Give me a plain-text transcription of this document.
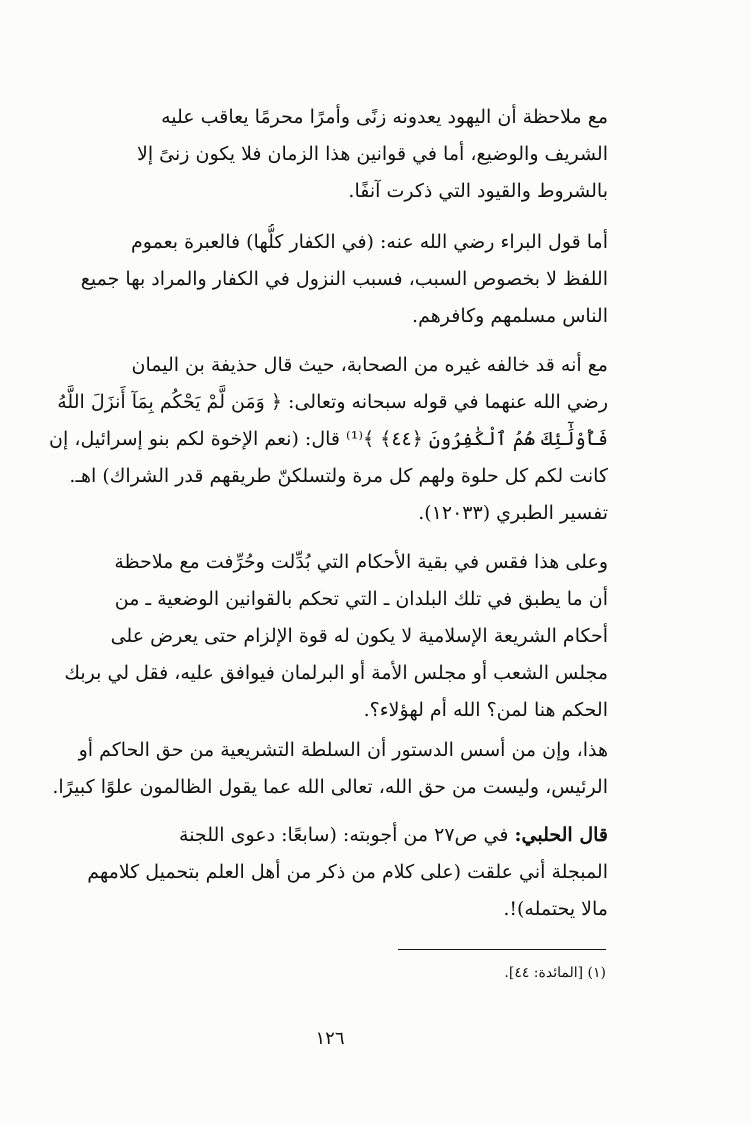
مع ملاحظة أن اليهود يعدونه زنًى وأمرًا محرمًا يعاقب عليه
الشريف والوضيع، أما في قوانين هذا الزمان فلا يكون زنىً إلا
بالشروط والقيود التي ذكرت آنفًا.

أما قول البراء رضي الله عنه: (في الكفار كلُّها) فالعبرة بعموم
اللفظ لا بخصوص السبب، فسبب النزول في الكفار والمراد بها جميع
الناس مسلمهم وكافرهم.

مع أنه قد خالفه غيره من الصحابة، حيث قال حذيفة بن اليمان
رضي الله عنهما في قوله سبحانه وتعالى: ﴿ وَمَن لَّمْ يَحْكُم بِمَآ أَنزَلَ اللَّهُ
فَأُوْلَٰٓئِكَ هُمُ ٱلْكَٰفِرُونَ ﴿٤٤﴾ ﴾⁽¹⁾ قال: (نعم الإخوة لكم بنو إسرائيل، إن
كانت لكم كل حلوة ولهم كل مرة ولتسلكنّ طريقهم قدر الشراك) اهـ.
تفسير الطبري (١٢٠٣٣).

وعلى هذا فقس في بقية الأحكام التي بُدِّلت وحُرِّفت مع ملاحظة
أن ما يطبق في تلك البلدان ـ التي تحكم بالقوانين الوضعية ـ من
أحكام الشريعة الإسلامية لا يكون له قوة الإلزام حتى يعرض على
مجلس الشعب أو مجلس الأمة أو البرلمان فيوافق عليه، فقل لي بربك
الحكم هنا لمن؟ الله أم لهؤلاء؟.

هذا، وإن من أسس الدستور أن السلطة التشريعية من حق الحاكم أو
الرئيس، وليست من حق الله، تعالى الله عما يقول الظالمون علوًا كبيرًا.

قال الحلبي: في ص٢٧ من أجوبته: (سابعًا: دعوى اللجنة
المبجلة أني علقت (على كلام من ذكر من أهل العلم بتحميل كلامهم
مالا يحتمله)!.

(١) [المائدة: ٤٤].
١٢٦
